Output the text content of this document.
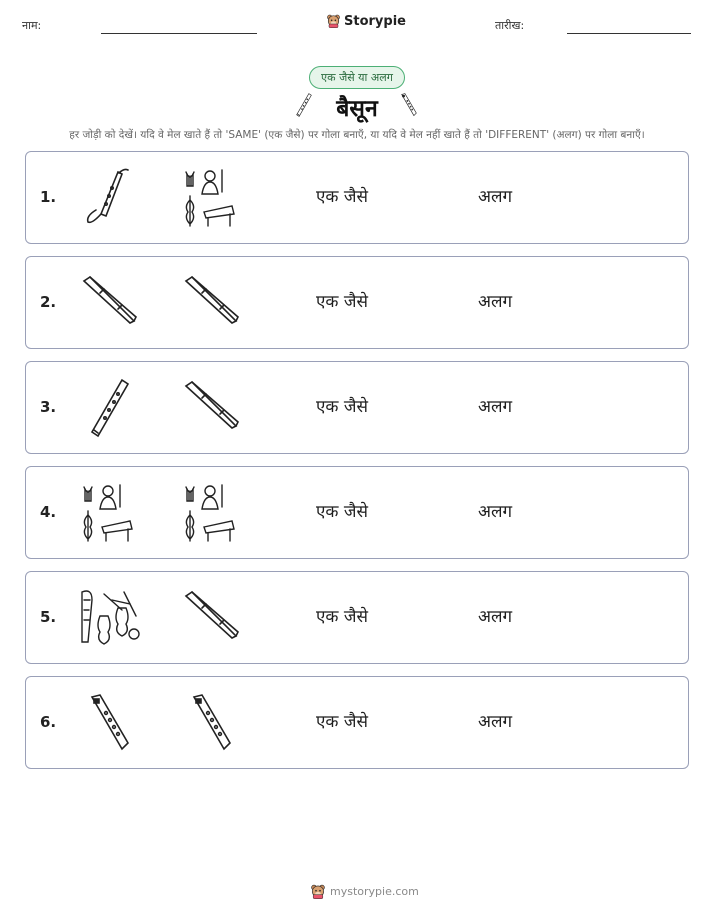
नाम:	Storypie	तारीख:
एक जैसे या अलग
बैसून
हर जोड़ी को देखें। यदि वे मेल खाते हैं तो 'SAME' (एक जैसे) पर गोला बनाएँ, या यदि वे मेल नहीं खाते हैं तो 'DIFFERENT' (अलग) पर गोला बनाएँ।
1.	एक जैसे	अलग
2.	एक जैसे	अलग
3.	एक जैसे	अलग
4.	एक जैसे	अलग
5.	एक जैसे	अलग
6.	एक जैसे	अलग
mystorypie.com
